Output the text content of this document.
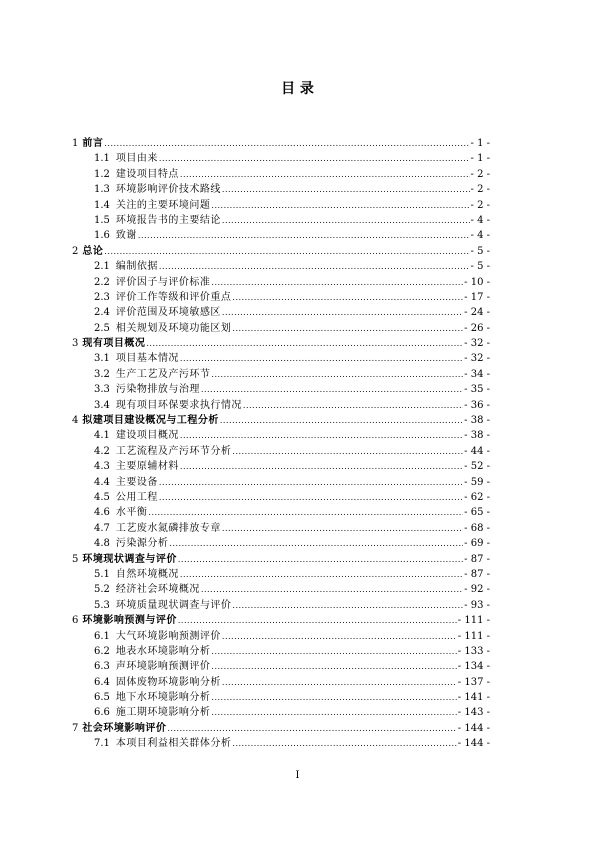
目 录
1 前言 .....	- 1 -
1.1 项目由来 .....	- 1 -
1.2 建设项目特点 .....	- 2 -
1.3 环境影响评价技术路线 .....	- 2 -
1.4 关注的主要环境问题 .....	- 2 -
1.5 环境报告书的主要结论 .....	- 4 -
1.6 致谢 .....	- 4 -
2 总论 .....	- 5 -
2.1 编制依据 .....	- 5 -
2.2 评价因子与评价标准 .....	- 10 -
2.3 评价工作等级和评价重点 .....	- 17 -
2.4 评价范围及环境敏感区 .....	- 24 -
2.5 相关规划及环境功能区划 .....	- 26 -
3 现有项目概况 .....	- 32 -
3.1 项目基本情况 .....	- 32 -
3.2 生产工艺及产污环节 .....	- 34 -
3.3 污染物排放与治理 .....	- 35 -
3.4 现有项目环保要求执行情况 .....	- 36 -
4 拟建项目建设概况与工程分析 .....	- 38 -
4.1 建设项目概况 .....	- 38 -
4.2 工艺流程及产污环节分析 .....	- 44 -
4.3 主要原辅材料 .....	- 52 -
4.4 主要设备 .....	- 59 -
4.5 公用工程 .....	- 62 -
4.6 水平衡 .....	- 65 -
4.7 工艺废水氮磷排放专章 .....	- 68 -
4.8 污染源分析 .....	- 69 -
5 环境现状调查与评价 .....	- 87 -
5.1 自然环境概况 .....	- 87 -
5.2 经济社会环境概况 .....	- 92 -
5.3 环境质量现状调查与评价 .....	- 93 -
6 环境影响预测与评价 .....	- 111 -
6.1 大气环境影响预测评价 .....	- 111 -
6.2 地表水环境影响分析 .....	- 133 -
6.3 声环境影响预测评价 .....	- 134 -
6.4 固体废物环境影响分析 .....	- 137 -
6.5 地下水环境影响分析 .....	- 141 -
6.6 施工期环境影响分析 .....	- 143 -
7 社会环境影响评价 .....	- 144 -
7.1 本项目利益相关群体分析 .....	- 144 -
I
